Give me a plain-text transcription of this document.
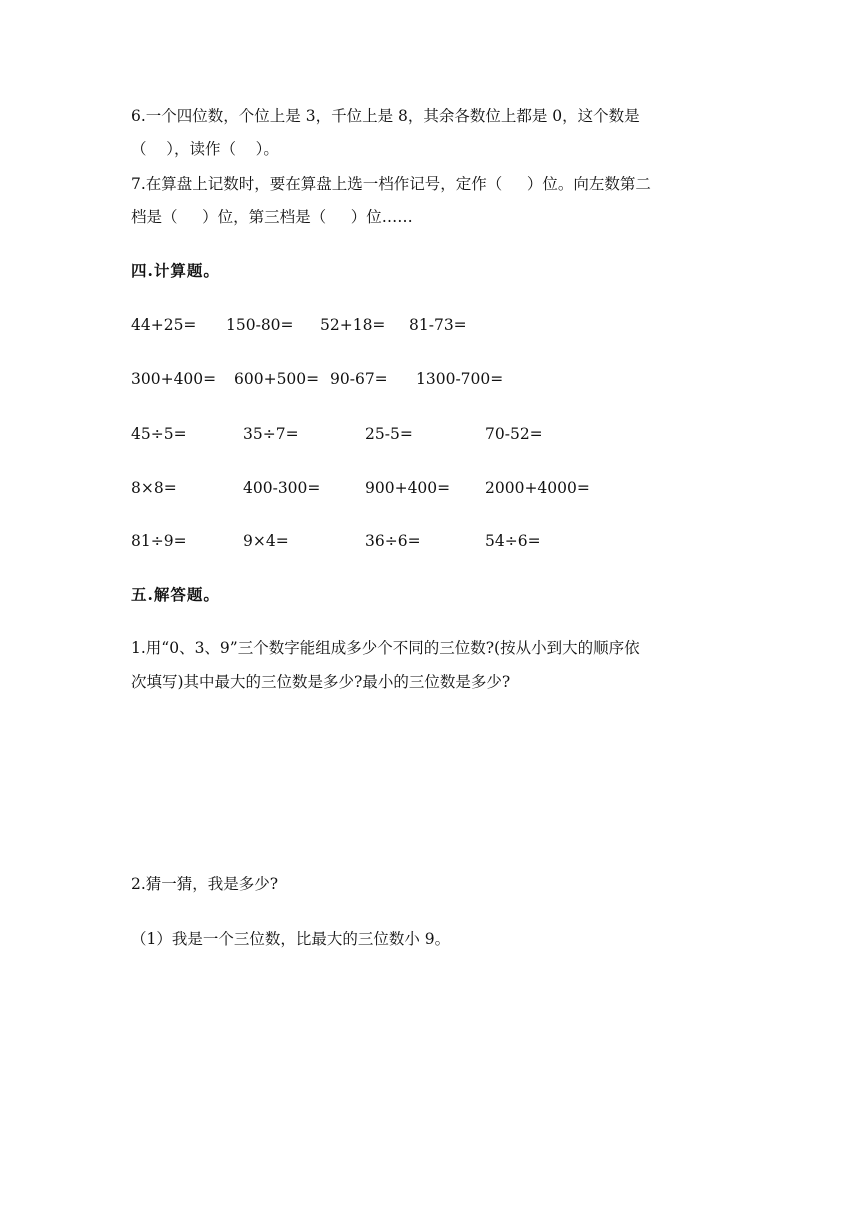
6.一个四位数，个位上是 3，千位上是 8，其余各数位上都是 0，这个数是
（    ），读作（    ）。
7.在算盘上记数时，要在算盘上选一档作记号，定作（     ）位。向左数第二
档是（     ）位，第三档是（     ）位……
四.计算题。
44+25= 150-80= 52+18= 81-73=
300+400= 600+500= 90-67= 1300-700=
45÷5=	35÷7=	25-5=	70-52=
8×8=	400-300=	900+400= 2000+4000=
81÷9=	9×4=	36÷6=	54÷6=
五.解答题。
1.用“0、3、9”三个数字能组成多少个不同的三位数?(按从小到大的顺序依
次填写)其中最大的三位数是多少?最小的三位数是多少?
2.猜一猜，我是多少?
（1）我是一个三位数，比最大的三位数小 9。
